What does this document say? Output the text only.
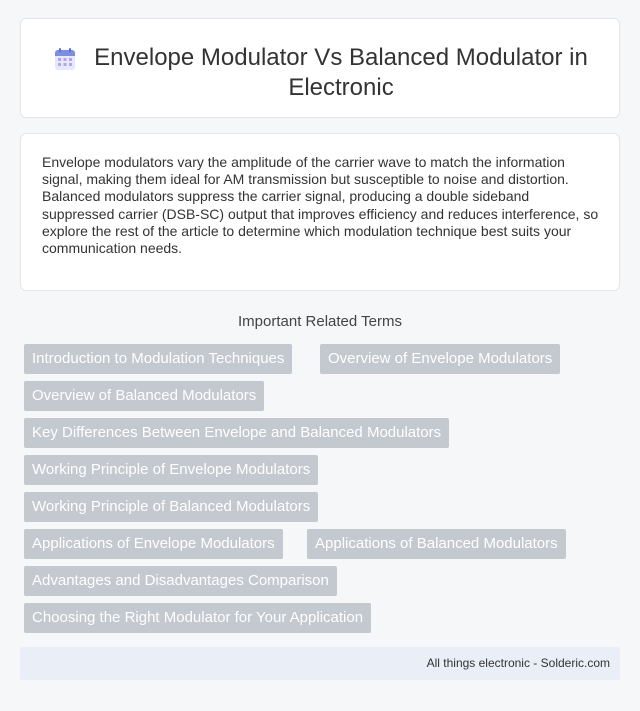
Envelope Modulator Vs Balanced Modulator in Electronic
Envelope modulators vary the amplitude of the carrier wave to match the information signal, making them ideal for AM transmission but susceptible to noise and distortion. Balanced modulators suppress the carrier signal, producing a double sideband suppressed carrier (DSB-SC) output that improves efficiency and reduces interference, so explore the rest of the article to determine which modulation technique best suits your communication needs.
Important Related Terms
Introduction to Modulation Techniques	Overview of Envelope Modulators
Overview of Balanced Modulators
Key Differences Between Envelope and Balanced Modulators
Working Principle of Envelope Modulators
Working Principle of Balanced Modulators
Applications of Envelope Modulators	Applications of Balanced Modulators
Advantages and Disadvantages Comparison
Choosing the Right Modulator for Your Application
All things electronic - Solderic.com
